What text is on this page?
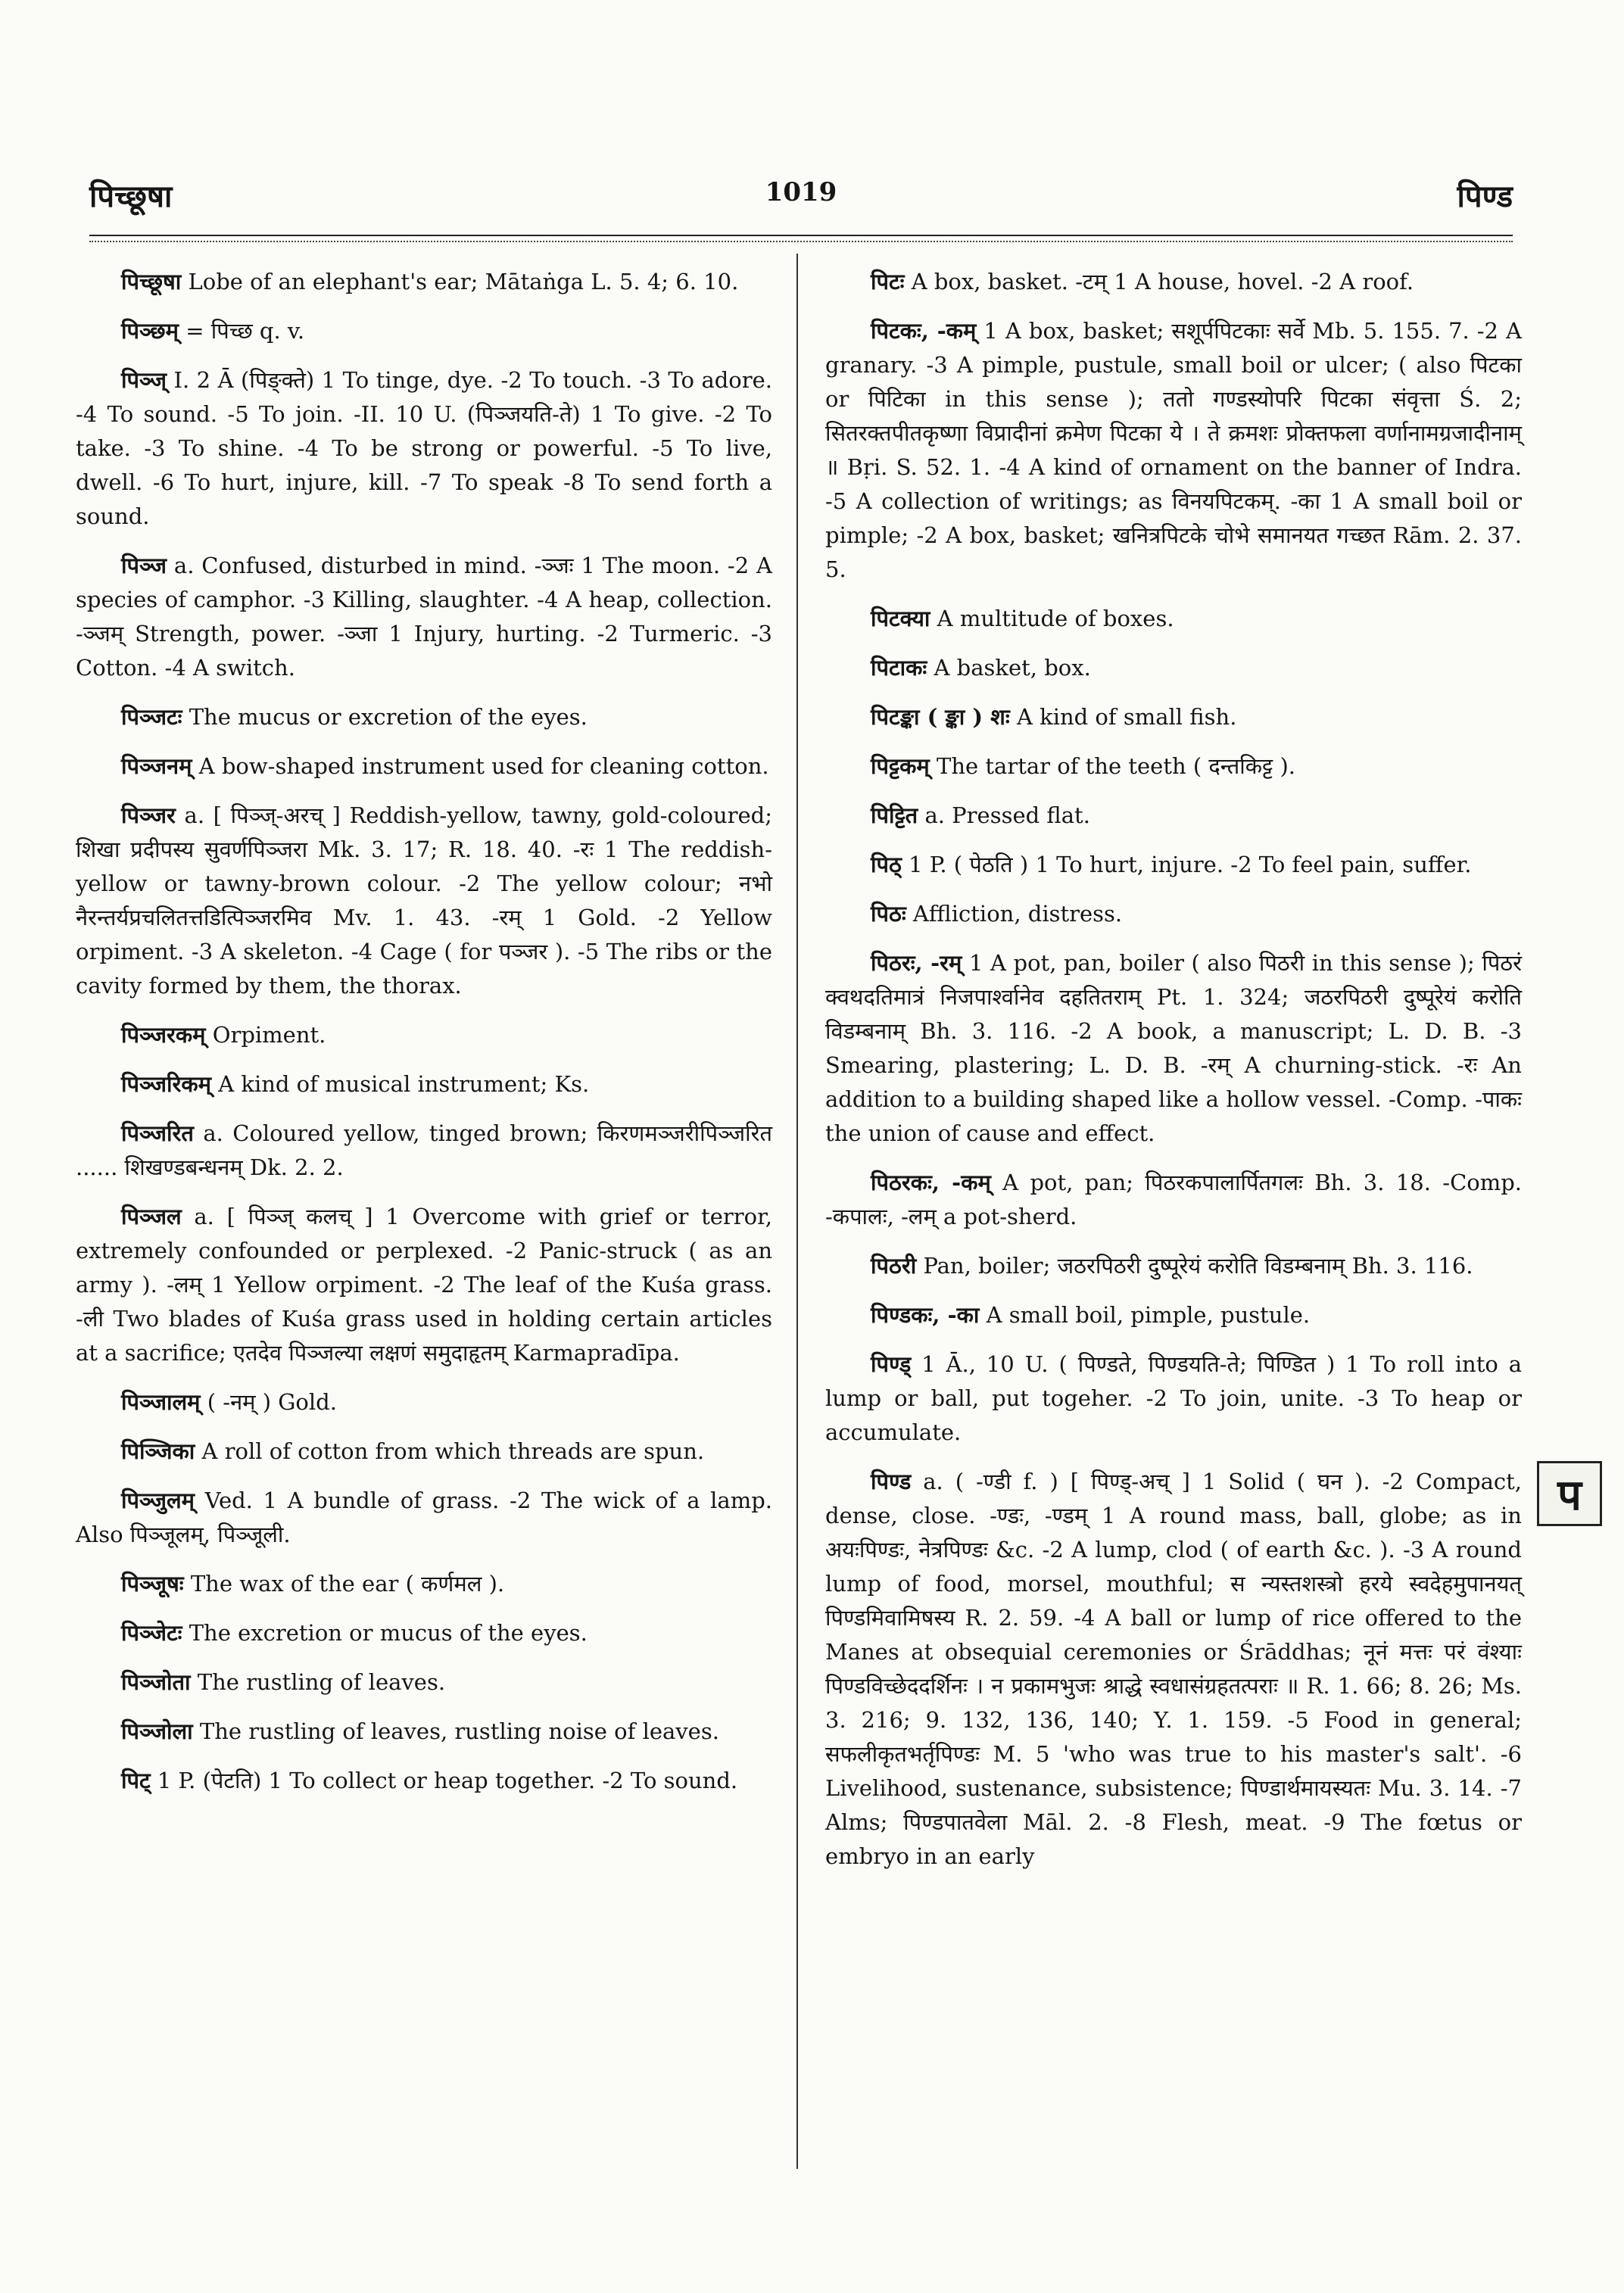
पिच्छूषा	1019	पिण्ड
पिच्छूषा Lobe of an elephant's ear; Mātaṅga L. 5. 4; 6. 10.
पिञ्छम् = पिच्छ q. v.
पिञ्ज् I. 2 Ā (पिङ्क्ते) 1 To tinge, dye. -2 To touch. -3 To adore. -4 To sound. -5 To join. -II. 10 U. (पिञ्जयति-ते) 1 To give. -2 To take. -3 To shine. -4 To be strong or powerful. -5 To live, dwell. -6 To hurt, injure, kill. -7 To speak -8 To send forth a sound.
पिञ्ज a. Confused, disturbed in mind. -ञ्जः 1 The moon. -2 A species of camphor. -3 Killing, slaughter. -4 A heap, collection. -ञ्जम् Strength, power. -ञ्जा 1 Injury, hurting. -2 Turmeric. -3 Cotton. -4 A switch.
पिञ्जटः The mucus or excretion of the eyes.
पिञ्जनम् A bow-shaped instrument used for cleaning cotton.
पिञ्जर a. [ पिञ्ज्-अरच् ] Reddish-yellow, tawny, gold-coloured; शिखा प्रदीपस्य सुवर्णपिञ्जरा Mk. 3. 17; R. 18. 40. -रः 1 The reddish-yellow or tawny-brown colour. -2 The yellow colour; नभो नैरन्तर्यप्रचलितत्तडित्पिञ्जरमिव Mv. 1. 43. -रम् 1 Gold. -2 Yellow orpiment. -3 A skeleton. -4 Cage ( for पञ्जर ). -5 The ribs or the cavity formed by them, the thorax.
पिञ्जरकम् Orpiment.
पिञ्जरिकम् A kind of musical instrument; Ks.
पिञ्जरित a. Coloured yellow, tinged brown; किरणमञ्जरीपिञ्जरित ...... शिखण्डबन्धनम् Dk. 2. 2.
पिञ्जल a. [ पिञ्ज् कलच् ] 1 Overcome with grief or terror, extremely confounded or perplexed. -2 Panic-struck ( as an army ). -लम् 1 Yellow orpiment. -2 The leaf of the Kuśa grass. -ली Two blades of Kuśa grass used in holding certain articles at a sacrifice; एतदेव पिञ्जल्या लक्षणं समुदाहृतम् Karmapradīpa.
पिञ्जालम् ( -नम् ) Gold.
पिञ्जिका A roll of cotton from which threads are spun.
पिञ्जुलम् Ved. 1 A bundle of grass. -2 The wick of a lamp. Also पिञ्जूलम्, पिञ्जूली.
पिञ्जूषः The wax of the ear ( कर्णमल ).
पिञ्जेटः The excretion or mucus of the eyes.
पिञ्जोता The rustling of leaves.
पिञ्जोला The rustling of leaves, rustling noise of leaves.
पिट् 1 P. (पेटति) 1 To collect or heap together. -2 To sound.
पिटः A box, basket. -टम् 1 A house, hovel. -2 A roof.
पिटकः, -कम् 1 A box, basket; सशूर्पपिटकाः सर्वे Mb. 5. 155. 7. -2 A granary. -3 A pimple, pustule, small boil or ulcer; ( also पिटका or पिटिका in this sense ); ततो गण्डस्योपरि पिटका संवृत्ता Ś. 2; सितरक्तपीतकृष्णा विप्रादीनां क्रमेण पिटका ये । ते क्रमशः प्रोक्तफला वर्णानामग्रजादीनाम् ॥ Bṛi. S. 52. 1. -4 A kind of ornament on the banner of Indra. -5 A collection of writings; as विनयपिटकम्. -का 1 A small boil or pimple; -2 A box, basket; खनित्रपिटके चोभे समानयत गच्छत Rām. 2. 37. 5.
पिटक्या A multitude of boxes.
पिटाकः A basket, box.
पिटङ्का ( ङ्का ) शः A kind of small fish.
पिट्टकम् The tartar of the teeth ( दन्तकिट्ट ).
पिट्टित a. Pressed flat.
पिठ् 1 P. ( पेठति ) 1 To hurt, injure. -2 To feel pain, suffer.
पिठः Affliction, distress.
पिठरः, -रम् 1 A pot, pan, boiler ( also पिठरी in this sense ); पिठरं क्वथदतिमात्रं निजपार्श्वानेव दहतितराम् Pt. 1. 324; जठरपिठरी दुष्पूरेयं करोति विडम्बनाम् Bh. 3. 116. -2 A book, a manuscript; L. D. B. -3 Smearing, plastering; L. D. B. -रम् A churning-stick. -रः An addition to a building shaped like a hollow vessel. -Comp. -पाकः the union of cause and effect.
पिठरकः, -कम् A pot, pan; पिठरकपालार्पितगलः Bh. 3. 18. -Comp. -कपालः, -लम् a pot-sherd.
पिठरी Pan, boiler; जठरपिठरी दुष्पूरेयं करोति विडम्बनाम् Bh. 3. 116.
पिण्डकः, -का A small boil, pimple, pustule.
पिण्ड् 1 Ā., 10 U. ( पिण्डते, पिण्डयति-ते; पिण्डित ) 1 To roll into a lump or ball, put togeher. -2 To join, unite. -3 To heap or accumulate.
पिण्ड a. ( -ण्डी f. ) [ पिण्ड्-अच् ] 1 Solid ( घन ). -2 Compact, dense, close. -ण्डः, -ण्डम् 1 A round mass, ball, globe; as in अयःपिण्डः, नेत्रपिण्डः &c. -2 A lump, clod ( of earth &c. ). -3 A round lump of food, morsel, mouthful; स न्यस्तशस्त्रो हरये स्वदेहमुपानयत् पिण्डमिवामिषस्य R. 2. 59. -4 A ball or lump of rice offered to the Manes at obsequial ceremonies or Śrāddhas; नूनं मत्तः परं वंश्याः पिण्डविच्छेददर्शिनः । न प्रकामभुजः श्राद्धे स्वधासंग्रहतत्पराः ॥ R. 1. 66; 8. 26; Ms. 3. 216; 9. 132, 136, 140; Y. 1. 159. -5 Food in general; सफलीकृतभर्तृपिण्डः M. 5 'who was true to his master's salt'. -6 Livelihood, sustenance, subsistence; पिण्डार्थमायस्यतः Mu. 3. 14. -7 Alms; पिण्डपातवेला Māl. 2. -8 Flesh, meat. -9 The fœtus or embryo in an early
प
